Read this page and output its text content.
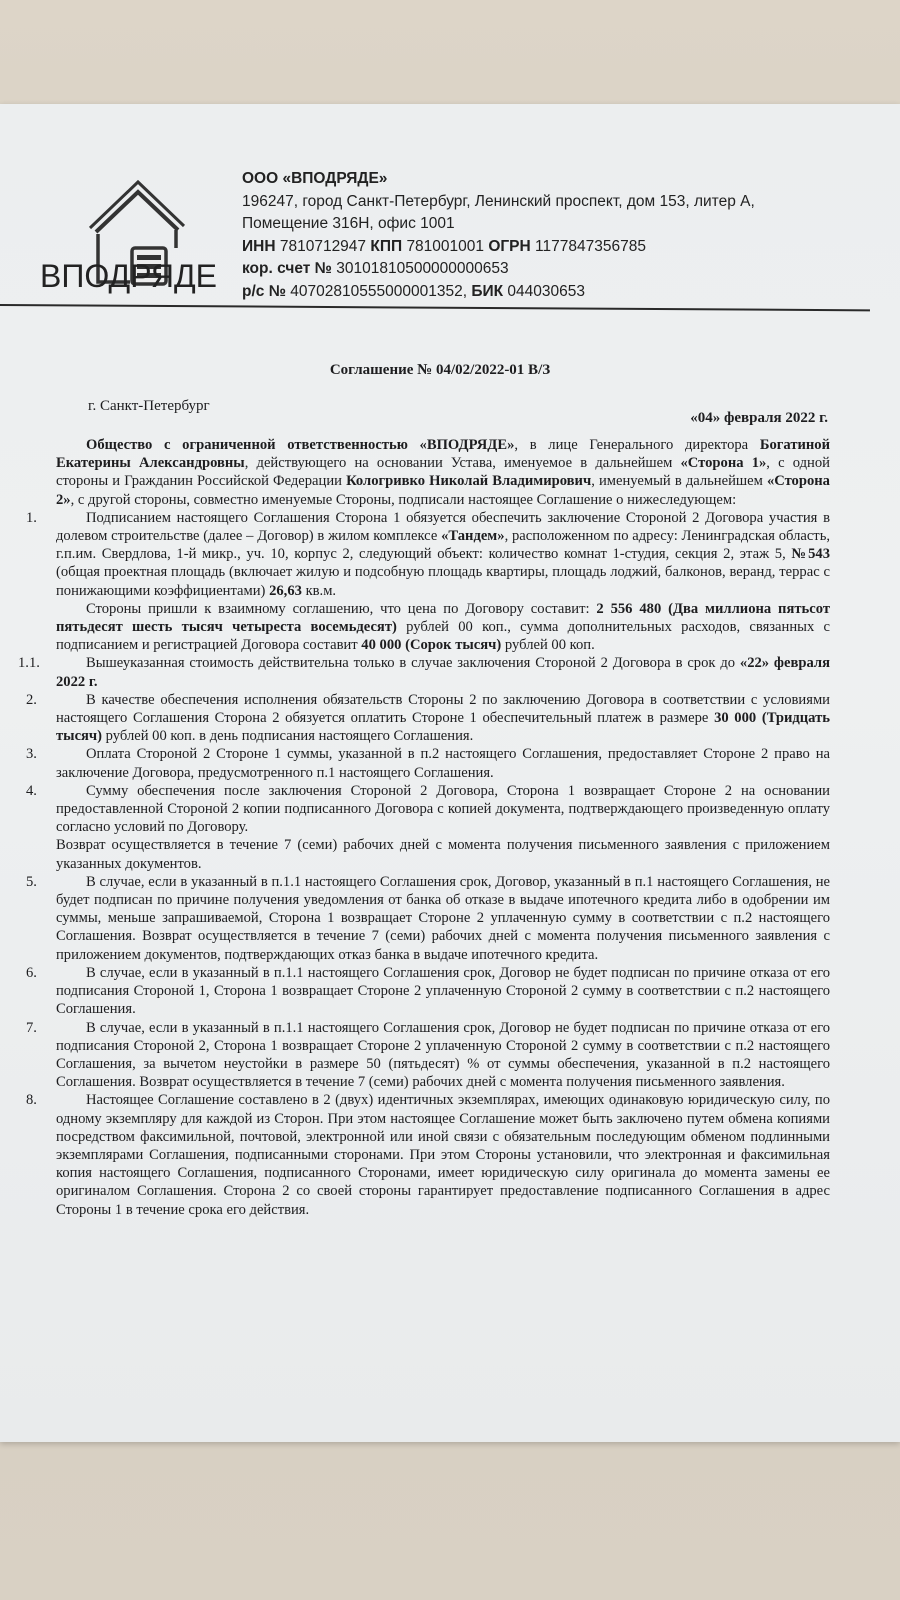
ВПОДРЯДЕ
ООО «ВПОДРЯДЕ»
196247, город Санкт-Петербург, Ленинский проспект, дом 153, литер А,
Помещение 316Н, офис 1001
ИНН 7810712947 КПП 781001001 ОГРН 1177847356785
кор. счет № 30101810500000000653
р/с № 40702810555000001352, БИК 044030653
Соглашение № 04/02/2022-01 В/З
г. Санкт-Петербург
«04» февраля 2022 г.

Общество с ограниченной ответственностью «ВПОДРЯДЕ», в лице Генерального директора Богатиной Екатерины Александровны, действующего на основании Устава, именуемое в дальнейшем «Сторона 1», с одной стороны и Гражданин Российской Федерации Кологривко Николай Владимирович, именуемый в дальнейшем «Сторона 2», с другой стороны, совместно именуемые Стороны, подписали настоящее Соглашение о нижеследующем:

1.	Подписанием настоящего Соглашения Сторона 1 обязуется обеспечить заключение Стороной 2 Договора участия в долевом строительстве (далее – Договор) в жилом комплексе «Тандем», расположенном по адресу: Ленинградская область, г.п.им. Свердлова, 1-й микр., уч. 10, корпус 2, следующий объект: количество комнат 1-студия, секция 2, этаж 5, №543 (общая проектная площадь (включает жилую и подсобную площадь квартиры, площадь лоджий, балконов, веранд, террас с понижающими коэффициентами) 26,63 кв.м.

Стороны пришли к взаимному соглашению, что цена по Договору составит: 2 556 480 (Два миллиона пятьсот пятьдесят шесть тысяч четыреста восемьдесят) рублей 00 коп., сумма дополнительных расходов, связанных с подписанием и регистрацией Договора составит 40 000 (Сорок тысяч) рублей 00 коп.

1.1.	Вышеуказанная стоимость действительна только в случае заключения Стороной 2 Договора в срок до «22» февраля 2022 г.

2.	В качестве обеспечения исполнения обязательств Стороны 2 по заключению Договора в соответствии с условиями настоящего Соглашения Сторона 2 обязуется оплатить Стороне 1 обеспечительный платеж в размере 30 000 (Тридцать тысяч) рублей 00 коп. в день подписания настоящего Соглашения.

3.	Оплата Стороной 2 Стороне 1 суммы, указанной в п.2 настоящего Соглашения, предоставляет Стороне 2 право на заключение Договора, предусмотренного п.1 настоящего Соглашения.

4.	Сумму обеспечения после заключения Стороной 2 Договора, Сторона 1 возвращает Стороне 2 на основании предоставленной Стороной 2 копии подписанного Договора с копией документа, подтверждающего произведенную оплату согласно условий по Договору.

Возврат осуществляется в течение 7 (семи) рабочих дней с момента получения письменного заявления с приложением указанных документов.

5.	В случае, если в указанный в п.1.1 настоящего Соглашения срок, Договор, указанный в п.1 настоящего Соглашения, не будет подписан по причине получения уведомления от банка об отказе в выдаче ипотечного кредита либо в одобрении им суммы, меньше запрашиваемой, Сторона 1 возвращает Стороне 2 уплаченную сумму в соответствии с п.2 настоящего Соглашения. Возврат осуществляется в течение 7 (семи) рабочих дней с момента получения письменного заявления с приложением документов, подтверждающих отказ банка в выдаче ипотечного кредита.

6.	В случае, если в указанный в п.1.1 настоящего Соглашения срок, Договор не будет подписан по причине отказа от его подписания Стороной 1, Сторона 1 возвращает Стороне 2 уплаченную Стороной 2 сумму в соответствии с п.2 настоящего Соглашения.

7.	В случае, если в указанный в п.1.1 настоящего Соглашения срок, Договор не будет подписан по причине отказа от его подписания Стороной 2, Сторона 1 возвращает Стороне 2 уплаченную Стороной 2 сумму в соответствии с п.2 настоящего Соглашения, за вычетом неустойки в размере 50 (пятьдесят) % от суммы обеспечения, указанной в п.2 настоящего Соглашения. Возврат осуществляется в течение 7 (семи) рабочих дней с момента получения письменного заявления.

8.	Настоящее Соглашение составлено в 2 (двух) идентичных экземплярах, имеющих одинаковую юридическую силу, по одному экземпляру для каждой из Сторон. При этом настоящее Соглашение может быть заключено путем обмена копиями посредством факсимильной, почтовой, электронной или иной связи с обязательным последующим обменом подлинными экземплярами Соглашения, подписанными сторонами. При этом Стороны установили, что электронная и факсимильная копия настоящего Соглашения, подписанного Сторонами, имеет юридическую силу оригинала до момента замены ее оригиналом Соглашения. Сторона 2 со своей стороны гарантирует предоставление подписанного Соглашения в адрес Стороны 1 в течение срока его действия.
